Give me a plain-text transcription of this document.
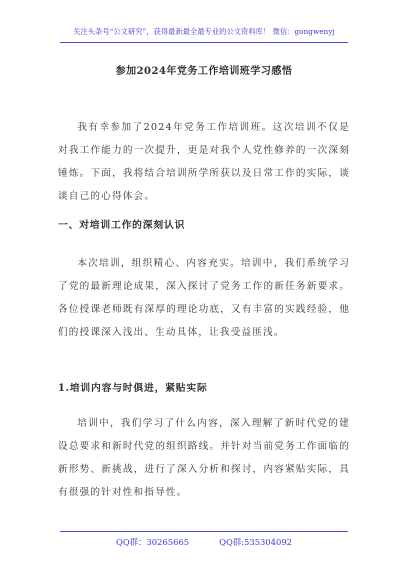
关注头条号“公文研究”，获得最新最全最专业的公文资料库！ 微信：gongwenyj
参加2024年党务工作培训班学习感悟

我有幸参加了2024年党务工作培训班。这次培训不仅是对我工作能力的一次提升，更是对我个人党性修养的一次深刻锤炼。下面，我将结合培训所学所获以及日常工作的实际，谈谈自己的心得体会。

一、对培训工作的深刻认识

本次培训，组织精心、内容充实。培训中，我们系统学习了党的最新理论成果，深入探讨了党务工作的新任务新要求。各位授课老师既有深厚的理论功底，又有丰富的实践经验，他们的授课深入浅出、生动具体，让我受益匪浅。

1.培训内容与时俱进，紧贴实际

培训中，我们学习了什么内容，深入理解了新时代党的建设总要求和新时代党的组织路线。并针对当前党务工作面临的新形势、新挑战，进行了深入分析和探讨，内容紧贴实际，具有很强的针对性和指导性。

QQ群：30265665	QQ群:535304092
